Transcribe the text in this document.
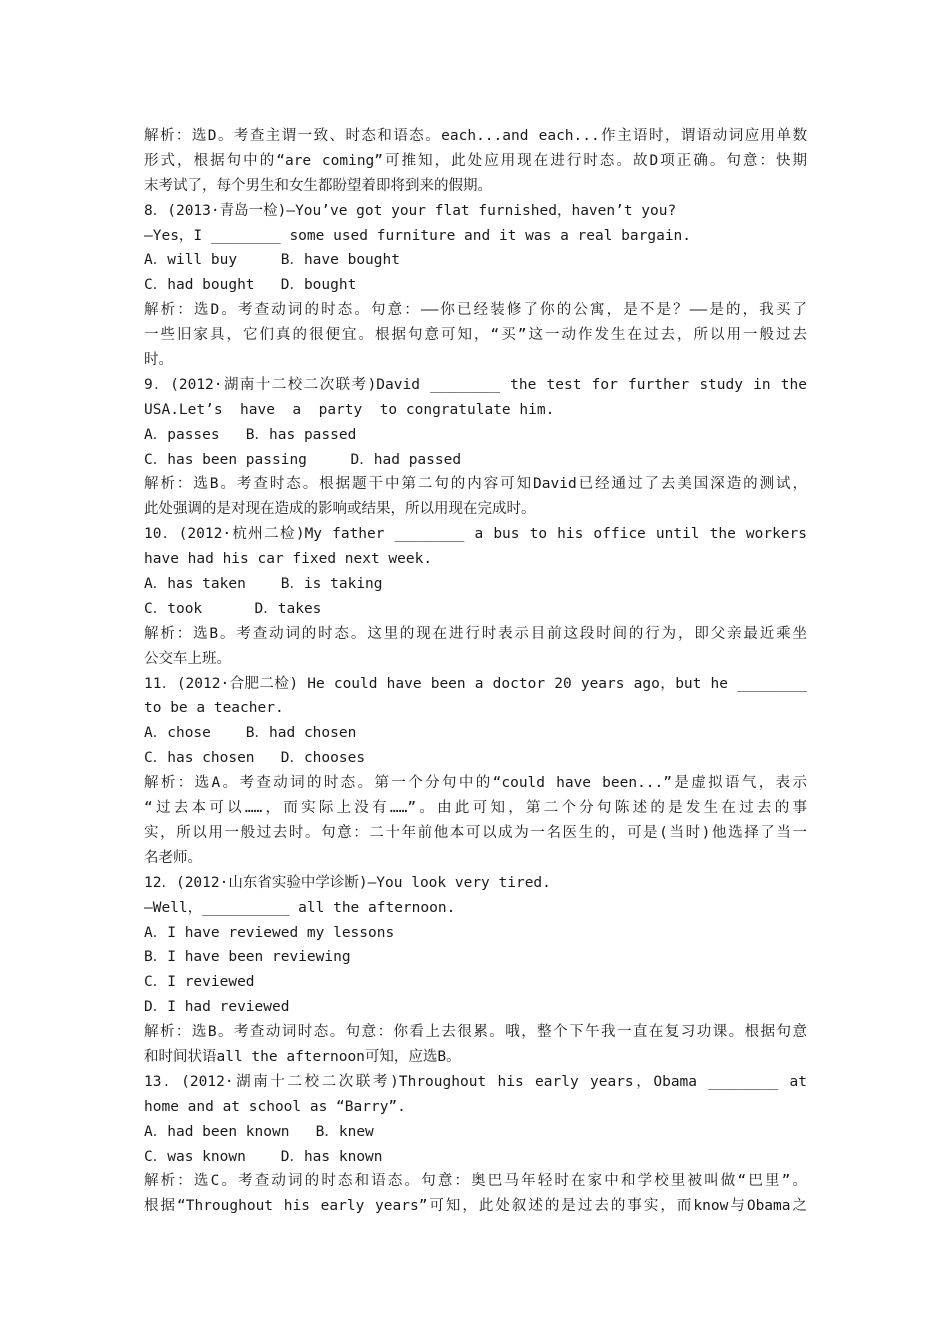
解析：选D。考查主谓一致、时态和语态。each...and each...作主语时，谓语动词应用单数
形式，根据句中的“are coming”可推知，此处应用现在进行时态。故D项正确。句意：快期
末考试了，每个男生和女生都盼望着即将到来的假期。
8．(2013·青岛一检)—You’ve got your flat furnished，haven’t you?
—Yes，I ________ some used furniture and it was a real bargain.
A．will buy     B．have bought
C．had bought   D．bought
解析：选D。考查动词的时态。句意：——你已经装修了你的公寓，是不是？——是的，我买了
一些旧家具，它们真的很便宜。根据句意可知，“买”这一动作发生在过去，所以用一般过去
时。
9．(2012·湖南十二校二次联考)David ________ the test for further study in the
USA.Let’s  have  a  party  to congratulate him.
A．passes   B．has passed
C．has been passing     D．had passed
解析：选B。考查时态。根据题干中第二句的内容可知David已经通过了去美国深造的测试，
此处强调的是对现在造成的影响或结果，所以用现在完成时。
10．(2012·杭州二检)My father ________ a bus to his office until the workers
have had his car fixed next week.
A．has taken    B．is taking
C．took      D．takes
解析：选B。考查动词的时态。这里的现在进行时表示目前这段时间的行为，即父亲最近乘坐
公交车上班。
11．(2012·合肥二检) He could have been a doctor 20 years ago，but he ________
to be a teacher.
A．chose    B．had chosen
C．has chosen   D．chooses
解析：选A。考查动词的时态。第一个分句中的“could have been...”是虚拟语气，表示
“过去本可以……，而实际上没有……”。由此可知，第二个分句陈述的是发生在过去的事
实，所以用一般过去时。句意：二十年前他本可以成为一名医生的，可是(当时)他选择了当一
名老师。
12．(2012·山东省实验中学诊断)—You look very tired.
—Well，__________ all the afternoon.
A．I have reviewed my lessons
B．I have been reviewing
C．I reviewed
D．I had reviewed
解析：选B。考查动词时态。句意：你看上去很累。哦，整个下午我一直在复习功课。根据句意
和时间状语all the afternoon可知，应选B。
13．(2012·湖南十二校二次联考)Throughout his early years，Obama ________ at
home and at school as “Barry”.
A．had been known   B．knew
C．was known    D．has known
解析：选C。考查动词的时态和语态。句意：奥巴马年轻时在家中和学校里被叫做“巴里”。
根据“Throughout his early years”可知，此处叙述的是过去的事实，而know与Obama之
